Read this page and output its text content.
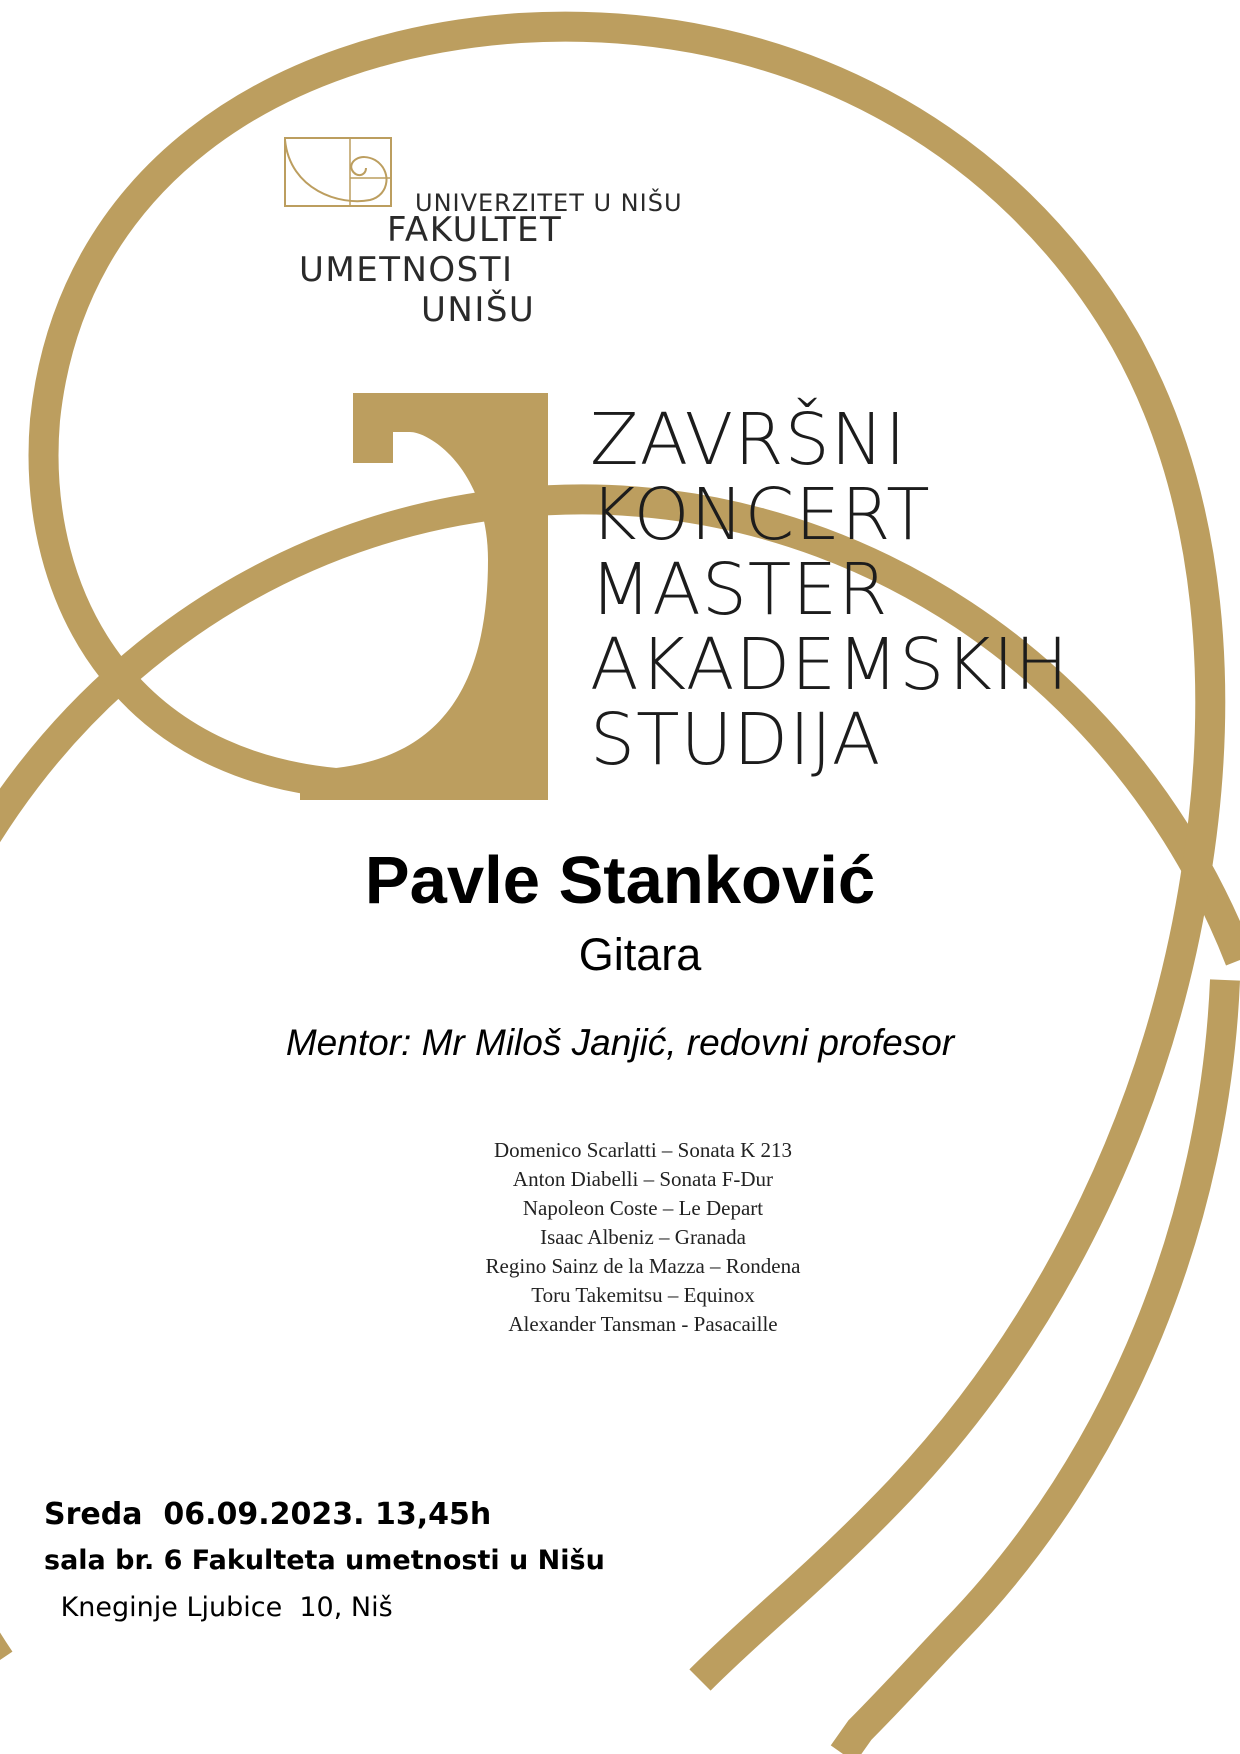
UNIVERZITET U NIŠU
FAKULTET
UMETNOSTI
UNIŠU
ZAVRŠNI
KONCERT
MASTER
AKADEMSKIH
STUDIJA
Pavle Stanković
Gitara
Mentor: Mr Miloš Janjić, redovni profesor
Domenico Scarlatti – Sonata K 213
Anton Diabelli – Sonata F-Dur
Napoleon Coste – Le Depart
Isaac Albeniz – Granada
Regino Sainz de la Mazza – Rondena
Toru Takemitsu – Equinox
Alexander Tansman - Pasacaille
Sreda  06.09.2023. 13,45h
sala br. 6 Fakulteta umetnosti u Nišu
Kneginje Ljubice  10, Niš
